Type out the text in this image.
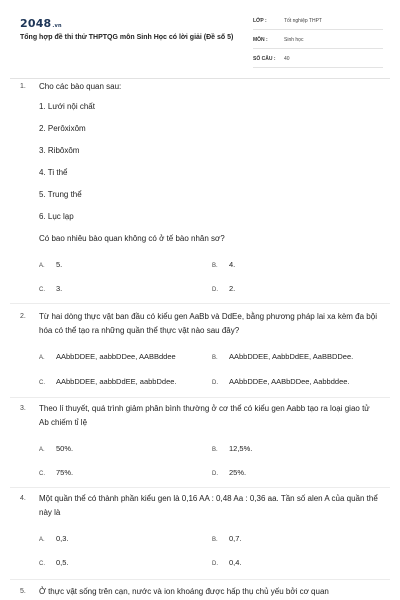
2048.vn
Tổng hợp đề thi thử THPTQG môn Sinh Học có lời giải (Đề số 5)
LỚP :	Tốt nghiệp THPT
MÔN :	Sinh học
SỐ CÂU : 40
1. Cho các bào quan sau:
1. Lưới nội chất
2. Perôxixôm
3. Ribôxôm
4. Ti thể
5. Trung thể
6. Lục lạp
Có bao nhiêu bào quan không có ở tế bào nhân sơ?
A. 5.	B. 4.
C. 3.	D. 2.
2. Từ hai dòng thực vật ban đầu có kiểu gen AaBb và DdEe, bằng phương pháp lai xa kèm đa bội hóa có thể tạo ra những quần thể thực vật nào sau đây?
A. AAbbDDEE, aabbDDee, AABBddee	B. AAbbDDEE, AabbDdEE, AaBBDDee.
C. AAbbDDEE, aabbDdEE, aabbDdee.	D. AAbbDDEe, AABbDDee, Aabbddee.
3. Theo lí thuyết, quá trình giảm phân bình thường ở cơ thể có kiểu gen Aabb tạo ra loại giao tử Ab chiếm tỉ lệ
A. 50%.	B. 12,5%.
C. 75%.	D. 25%.
4. Một quần thể có thành phần kiểu gen là 0,16 AA : 0,48 Aa : 0,36 aa. Tần số alen A của quần thể này là
A. 0,3.	B. 0,7.
C. 0,5.	D. 0,4.
5. Ở thực vật sống trên cạn, nước và ion khoáng được hấp thụ chủ yếu bởi cơ quan
